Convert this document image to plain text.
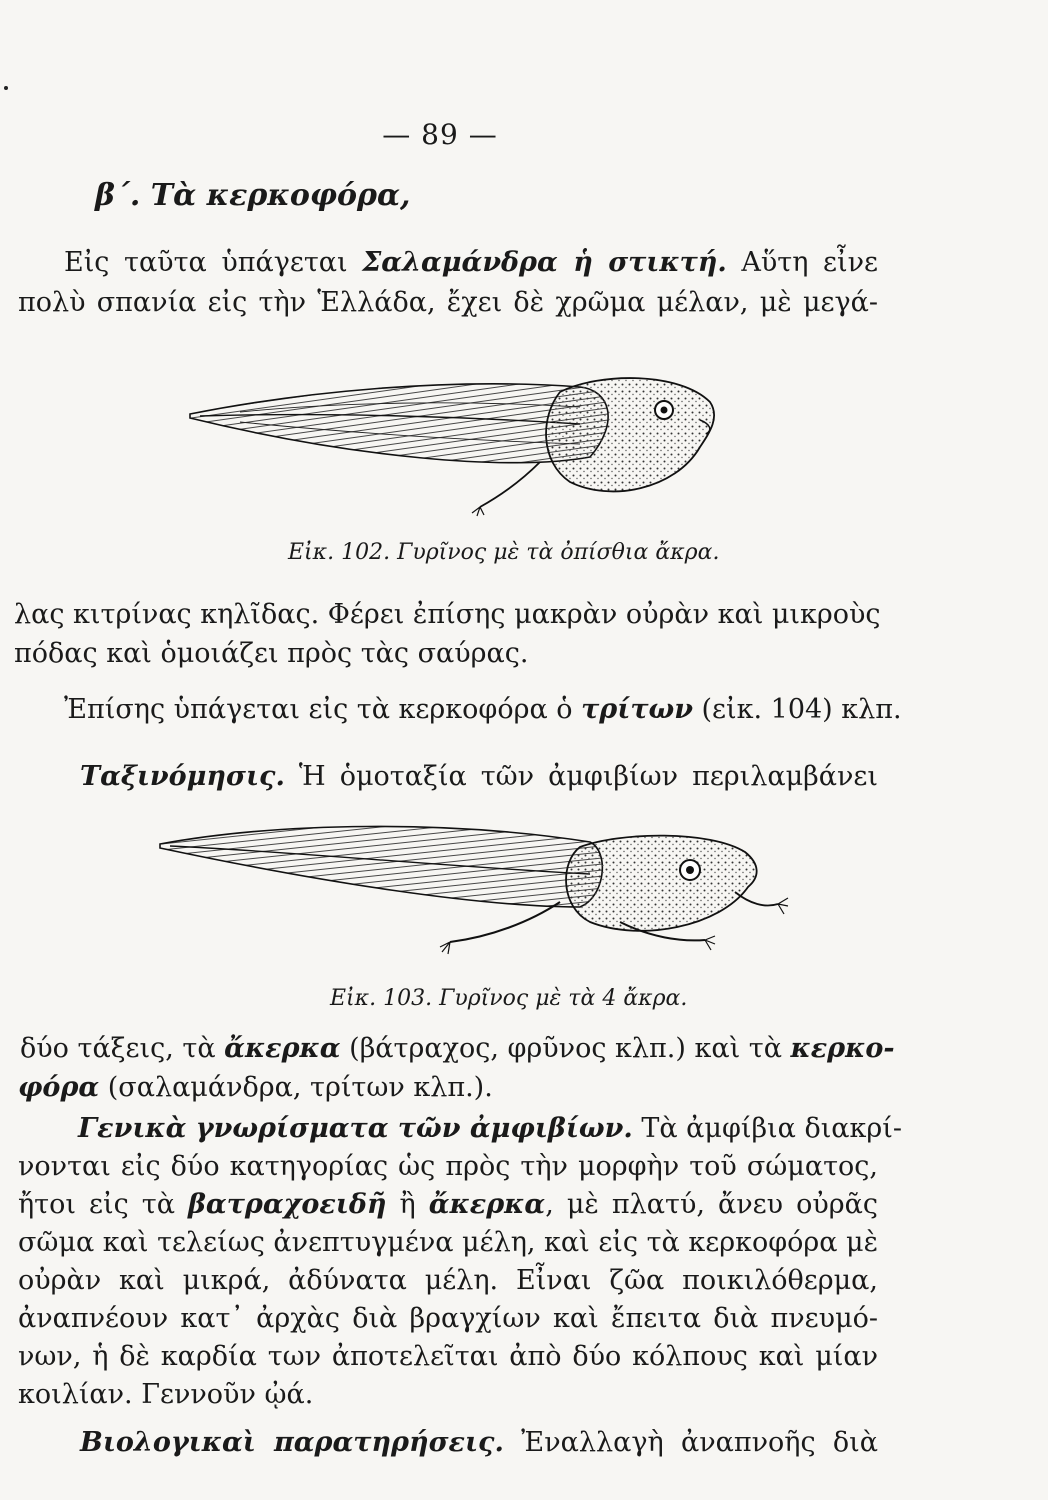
— 89 —
β΄. Τὰ κερκοφόρα,
Εἰς ταῦτα ὑπάγεται Σαλαμάνδρα ἡ στικτή. Αὕτη εἶνε
πολὺ σπανία εἰς τὴν Ἑλλάδα, ἔχει δὲ χρῶμα μέλαν, μὲ μεγά-
Εἰκ. 102. Γυρῖνος μὲ τὰ ὀπίσθια ἄκρα.
λας κιτρίνας κηλῖδας. Φέρει ἐπίσης μακρὰν οὐρὰν καὶ μικροὺς
πόδας καὶ ὁμοιάζει πρὸς τὰς σαύρας.
Ἐπίσης ὑπάγεται εἰς τὰ κερκοφόρα ὁ τρίτων (εἰκ. 104) κλπ.
Ταξινόμησις. Ἡ ὁμοταξία τῶν ἀμφιβίων περιλαμβάνει
Εἰκ. 103. Γυρῖνος μὲ τὰ 4 ἄκρα.
δύο τάξεις, τὰ ἄκερκα (βάτραχος, φρῦνος κλπ.) καὶ τὰ κερκο-
φόρα (σαλαμάνδρα, τρίτων κλπ.).
Γενικὰ γνωρίσματα τῶν ἀμφιβίων. Τὰ ἀμφίβια διακρί-
νονται εἰς δύο κατηγορίας ὡς πρὸς τὴν μορφὴν τοῦ σώματος,
ἤτοι εἰς τὰ βατραχοειδῆ ἢ ἄκερκα, μὲ πλατύ, ἄνευ οὐρᾶς
σῶμα καὶ τελείως ἀνεπτυγμένα μέλη, καὶ εἰς τὰ κερκοφόρα μὲ
οὐρὰν καὶ μικρά, ἀδύνατα μέλη. Εἶναι ζῶα ποικιλόθερμα,
ἀναπνέουν κατ᾿ ἀρχὰς διὰ βραγχίων καὶ ἔπειτα διὰ πνευμό-
νων, ἡ δὲ καρδία των ἀποτελεῖται ἀπὸ δύο κόλπους καὶ μίαν
κοιλίαν. Γεννοῦν ᾠά.
Βιολογικαὶ παρατηρήσεις. Ἐναλλαγὴ ἀναπνοῆς διὰ
